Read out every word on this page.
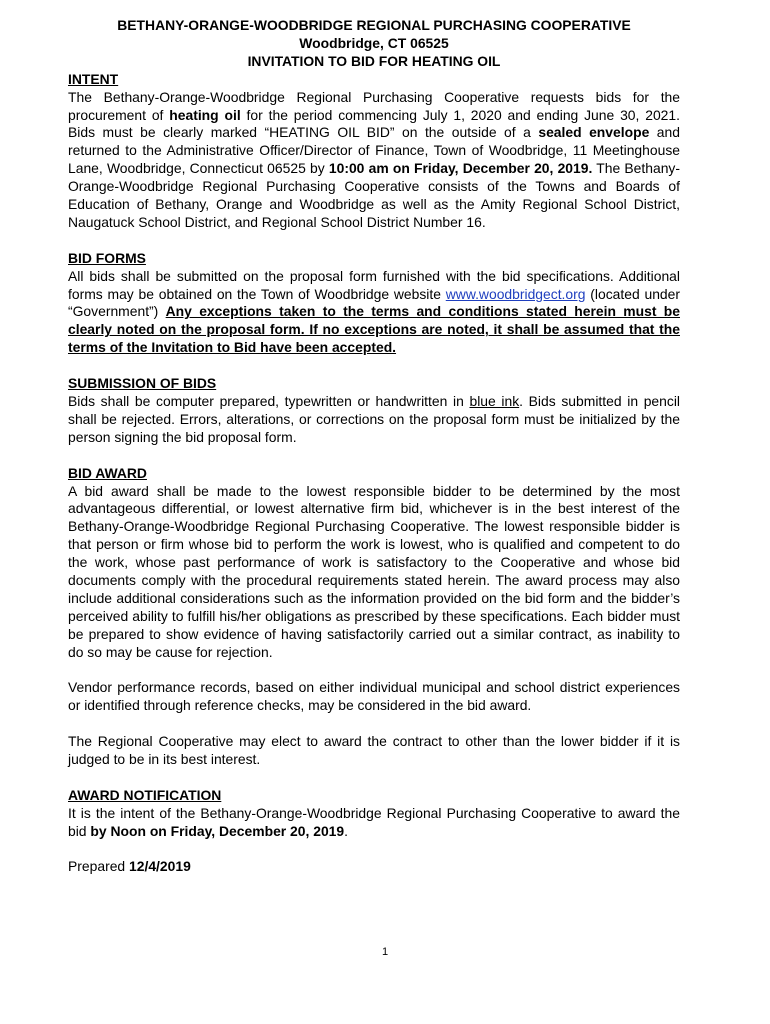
BETHANY-ORANGE-WOODBRIDGE REGIONAL PURCHASING COOPERATIVE
Woodbridge, CT 06525
INVITATION TO BID FOR HEATING OIL
INTENT
The Bethany-Orange-Woodbridge Regional Purchasing Cooperative requests bids for the procurement of heating oil for the period commencing July 1, 2020 and ending June 30, 2021. Bids must be clearly marked “HEATING OIL BID” on the outside of a sealed envelope and returned to the Administrative Officer/Director of Finance, Town of Woodbridge, 11 Meetinghouse Lane, Woodbridge, Connecticut 06525 by 10:00 am on Friday, December 20, 2019. The Bethany-Orange-Woodbridge Regional Purchasing Cooperative consists of the Towns and Boards of Education of Bethany, Orange and Woodbridge as well as the Amity Regional School District, Naugatuck School District, and Regional School District Number 16.
BID FORMS
All bids shall be submitted on the proposal form furnished with the bid specifications. Additional forms may be obtained on the Town of Woodbridge website www.woodbridgect.org (located under “Government”) Any exceptions taken to the terms and conditions stated herein must be clearly noted on the proposal form. If no exceptions are noted, it shall be assumed that the terms of the Invitation to Bid have been accepted.
SUBMISSION OF BIDS
Bids shall be computer prepared, typewritten or handwritten in blue ink. Bids submitted in pencil shall be rejected. Errors, alterations, or corrections on the proposal form must be initialized by the person signing the bid proposal form.
BID AWARD
A bid award shall be made to the lowest responsible bidder to be determined by the most advantageous differential, or lowest alternative firm bid, whichever is in the best interest of the Bethany-Orange-Woodbridge Regional Purchasing Cooperative. The lowest responsible bidder is that person or firm whose bid to perform the work is lowest, who is qualified and competent to do the work, whose past performance of work is satisfactory to the Cooperative and whose bid documents comply with the procedural requirements stated herein. The award process may also include additional considerations such as the information provided on the bid form and the bidder’s perceived ability to fulfill his/her obligations as prescribed by these specifications. Each bidder must be prepared to show evidence of having satisfactorily carried out a similar contract, as inability to do so may be cause for rejection.
Vendor performance records, based on either individual municipal and school district experiences or identified through reference checks, may be considered in the bid award.
The Regional Cooperative may elect to award the contract to other than the lower bidder if it is judged to be in its best interest.
AWARD NOTIFICATION
It is the intent of the Bethany-Orange-Woodbridge Regional Purchasing Cooperative to award the bid by Noon on Friday, December 20, 2019.
Prepared 12/4/2019
1
